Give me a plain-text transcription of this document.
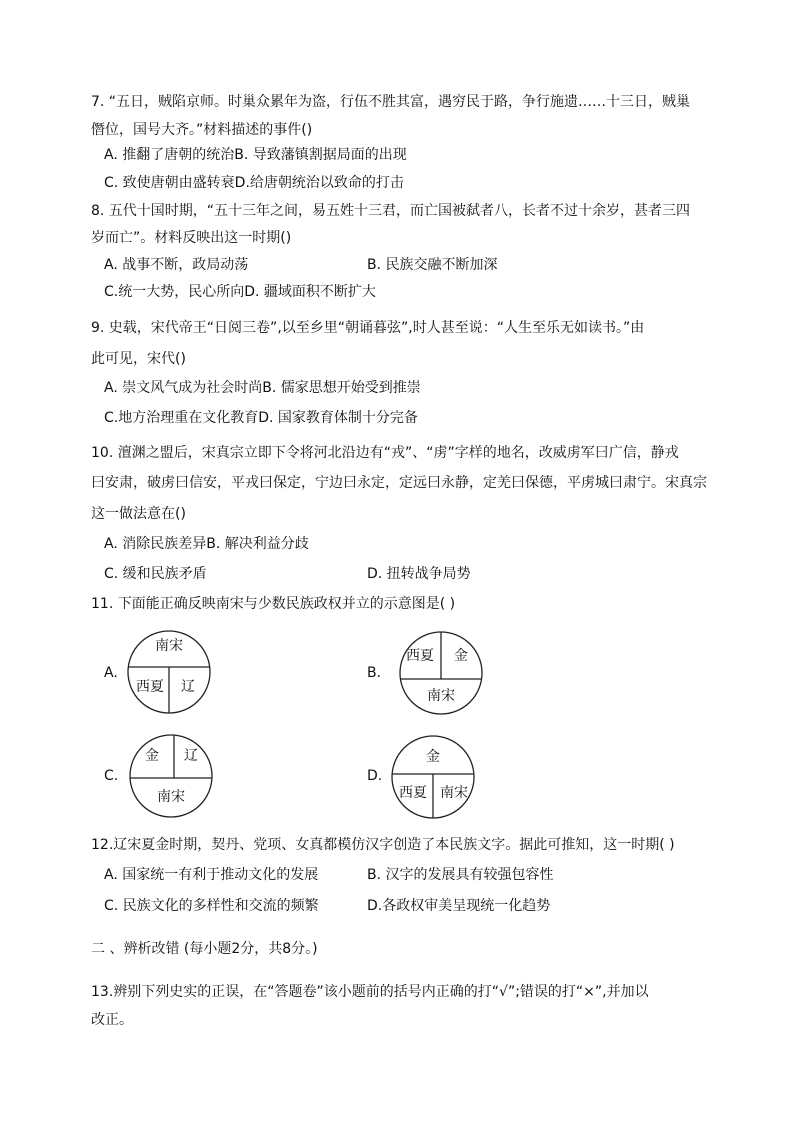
7. “五日，贼陷京师。时巢众累年为盗，行伍不胜其富，遇穷民于路，争行施遗……十三日，贼巢
僭位，国号大齐。”材料描述的事件()
A. 推翻了唐朝的统治B. 导致藩镇割据局面的出现
C. 致使唐朝由盛转衰D.给唐朝统治以致命的打击
8. 五代十国时期，“五十三年之间，易五姓十三君，而亡国被弑者八，长者不过十余岁，甚者三四
岁而亡”。材料反映出这一时期()
A. 战事不断，政局动荡	B. 民族交融不断加深
C.统一大势，民心所向D. 疆域面积不断扩大
9. 史载，宋代帝王“日阅三卷”,以至乡里“朝诵暮弦”,时人甚至说：“人生至乐无如读书。”由
此可见，宋代()
A. 崇文风气成为社会时尚B. 儒家思想开始受到推崇
C.地方治理重在文化教育D. 国家教育体制十分完备
10. 澶渊之盟后，宋真宗立即下令将河北沿边有“戎”、“虏”字样的地名，改威虏军曰广信，静戎
曰安肃，破虏曰信安，平戎曰保定，宁边曰永定，定远曰永静，定羌曰保德，平虏城曰肃宁。宋真宗
这一做法意在()
A. 消除民族差异B. 解决利益分歧
C. 缓和民族矛盾	D. 扭转战争局势
11. 下面能正确反映南宋与少数民族政权并立的示意图是( )
A.	B.
C.	D.
南宋
西夏 辽
西夏 金
南宋
金 辽
南宋
金
西夏 南宋
12.辽宋夏金时期，契丹、党项、女真都模仿汉字创造了本民族文字。据此可推知，这一时期( )
A. 国家统一有利于推动文化的发展	B. 汉字的发展具有较强包容性
C. 民族文化的多样性和交流的频繁	D.各政权审美呈现统一化趋势
二 、辨析改错 (每小题2分，共8分。)
13.辨别下列史实的正误，在“答题卷”该小题前的括号内正确的打“√”;错误的打“×”,并加以
改正。
